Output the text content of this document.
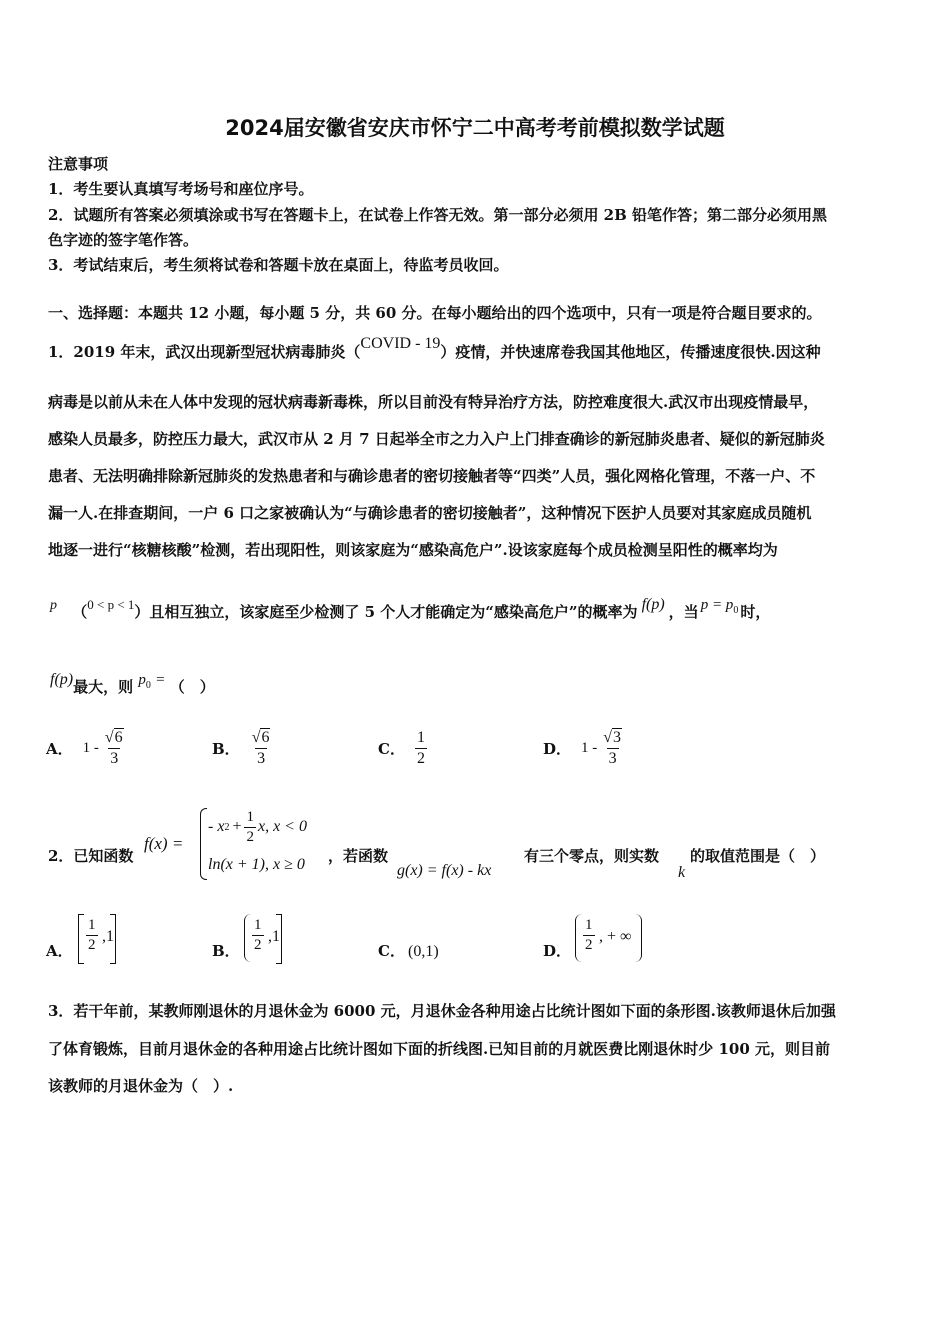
2024届安徽省安庆市怀宁二中高考考前模拟数学试题
注意事项
1．考生要认真填写考场号和座位序号。
2．试题所有答案必须填涂或书写在答题卡上，在试卷上作答无效。第一部分必须用 2B 铅笔作答；第二部分必须用黑
色字迹的签字笔作答。
3．考试结束后，考生须将试卷和答题卡放在桌面上，待监考员收回。
一、选择题：本题共 12 小题，每小题 5 分，共 60 分。在每小题给出的四个选项中，只有一项是符合题目要求的。
1．2019 年末，武汉出现新型冠状病毒肺炎（COVID - 19）疫情，并快速席卷我国其他地区，传播速度很快.因这种
病毒是以前从未在人体中发现的冠状病毒新毒株，所以目前没有特异治疗方法，防控难度很大.武汉市出现疫情最早，
感染人员最多，防控压力最大，武汉市从 2 月 7 日起举全市之力入户上门排查确诊的新冠肺炎患者、疑似的新冠肺炎
患者、无法明确排除新冠肺炎的发热患者和与确诊患者的密切接触者等“四类”人员，强化网格化管理，不落一户、不
漏一人.在排查期间，一户 6 口之家被确认为“与确诊患者的密切接触者”，这种情况下医护人员要对其家庭成员随机
地逐一进行“核糖核酸”检测，若出现阳性，则该家庭为“感染高危户”.设该家庭每个成员检测呈阳性的概率均为
p （0 < p < 1）且相互独立，该家庭至少检测了 5 个人才能确定为“感染高危户”的概率为 f(p) ，当 $p = p_0$ 时，
f(p)最大，则 $p_0$ = （　）
A． $1 - \frac{√6}{3}$	B． $\frac{√6}{3}$	C． $\frac{1}{2}$	D． $1 - \frac{√3}{3}$
2．已知函数
f(x) =
- x $2 + \frac{1}{2} x$, x < 0
ln(x + 1), x ≥ 0 ，若函数
g(x) = f(x) - kx
有三个零点，则实数
k
的取值范围是（　）
A． $\frac{1}{2} ,1$
B． $\frac{1}{2} ,1$
C． (0,1)	D． $\frac{1}{2}$ , + ∞
3．若干年前，某教师刚退休的月退休金为 6000 元，月退休金各种用途占比统计图如下面的条形图.该教师退休后加强
了体育锻炼，目前月退休金的各种用途占比统计图如下面的折线图.已知目前的月就医费比刚退休时少 100 元，则目前
该教师的月退休金为（　）.
